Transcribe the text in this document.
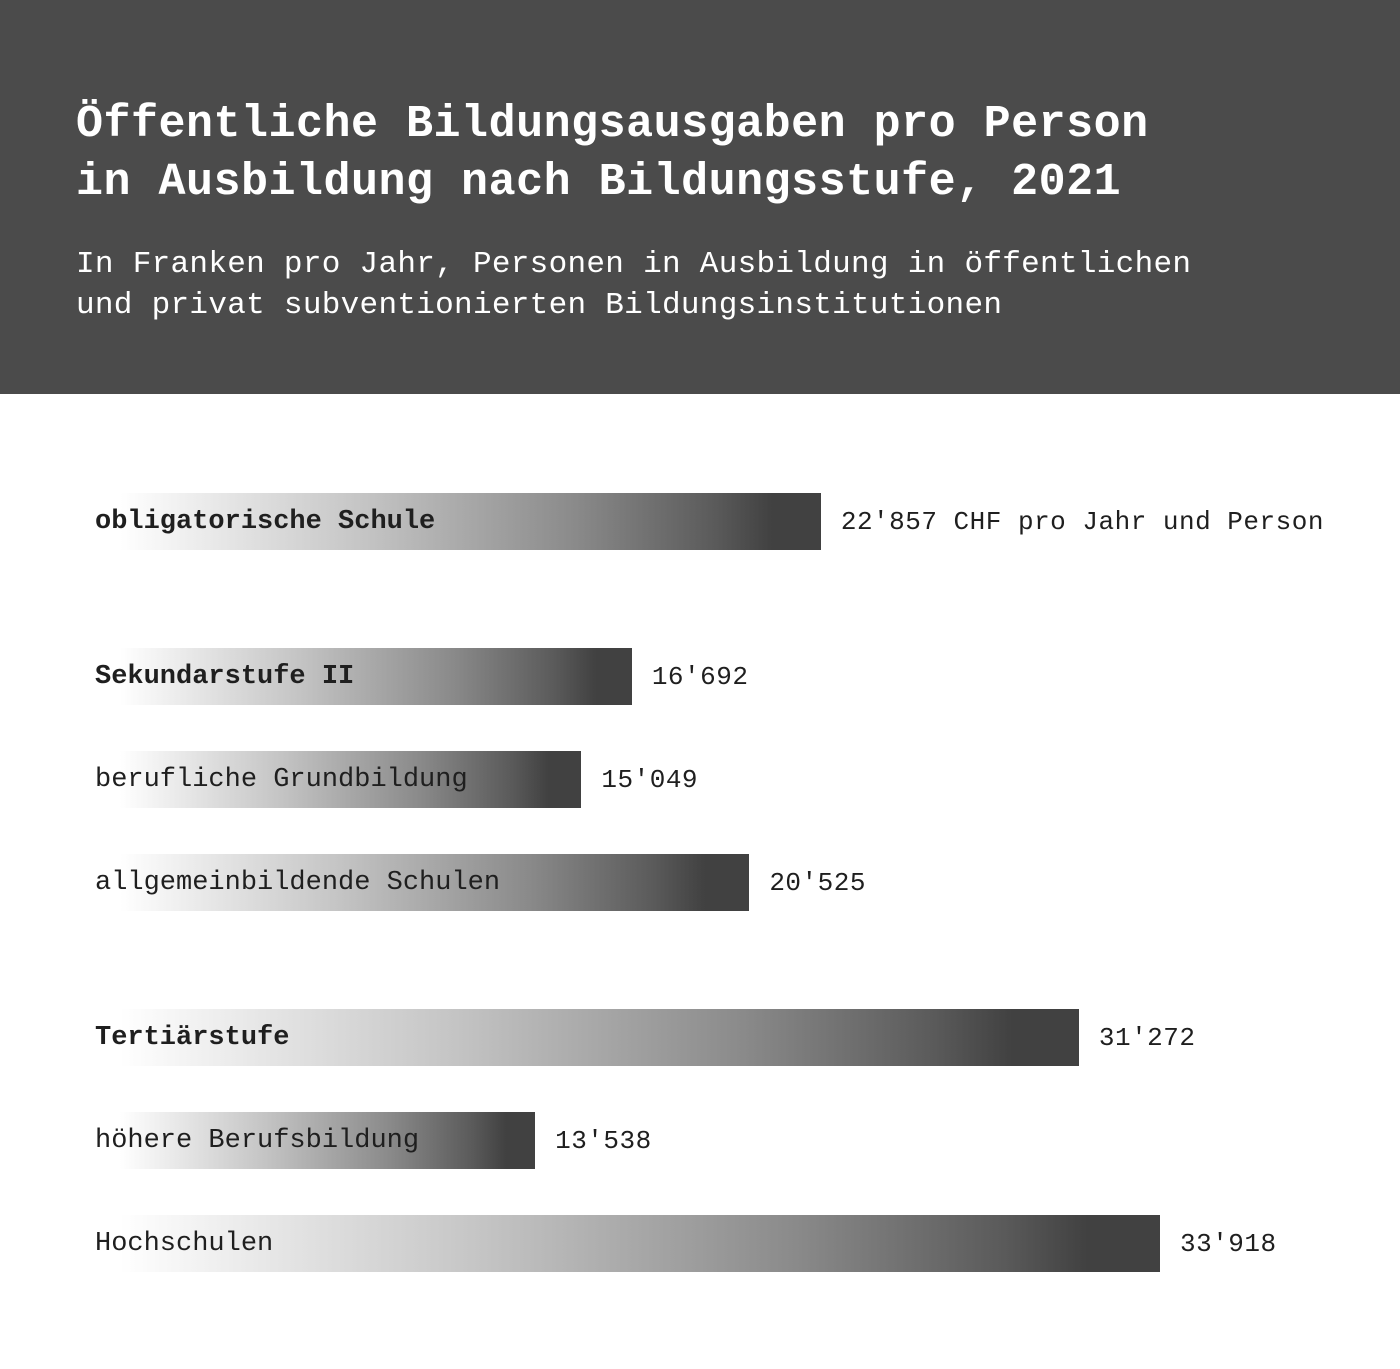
Öffentliche Bildungsausgaben pro Person
in Ausbildung nach Bildungsstufe, 2021

In Franken pro Jahr, Personen in Ausbildung in öffentlichen
und privat subventionierten Bildungsinstitutionen

obligatorische Schule	22'857 CHF pro Jahr und Person
Sekundarstufe II	16'692
berufliche Grundbildung	15'049
allgemeinbildende Schulen	20'525
Tertiärstufe	31'272
höhere Berufsbildung	13'538
Hochschulen	33'918
